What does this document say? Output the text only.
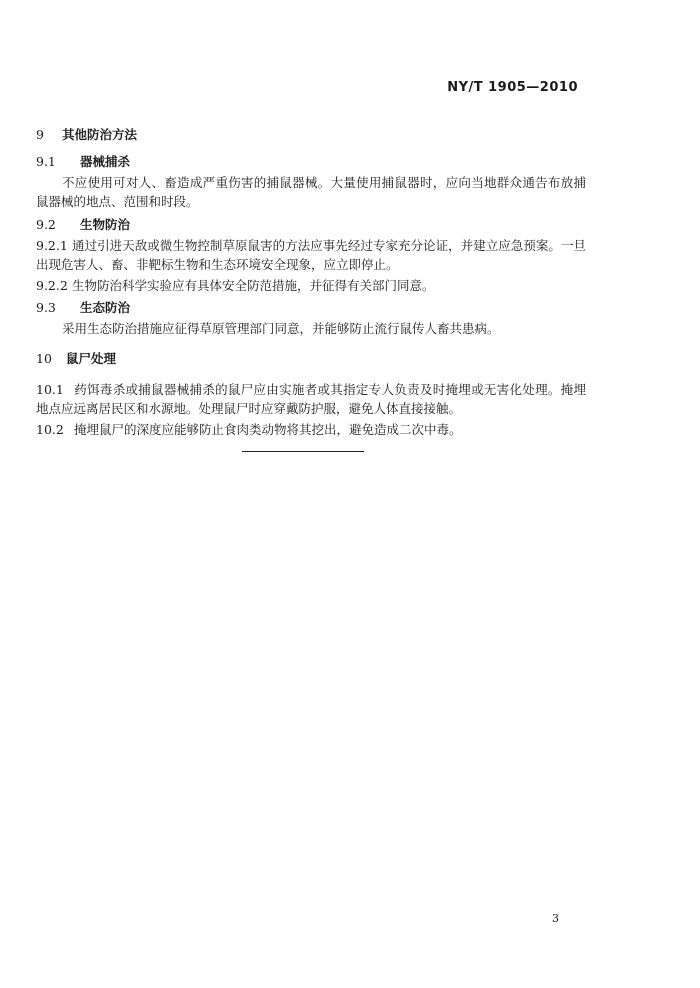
NY/T 1905—2010
9 其他防治方法
9.1 器械捕杀
不应使用可对人、畜造成严重伤害的捕鼠器械。大量使用捕鼠器时，应向当地群众通告布放捕鼠器械的地点、范围和时段。
9.2 生物防治
9.2.1 通过引进天敌或微生物控制草原鼠害的方法应事先经过专家充分论证，并建立应急预案。一旦出现危害人、畜、非靶标生物和生态环境安全现象，应立即停止。
9.2.2 生物防治科学实验应有具体安全防范措施，并征得有关部门同意。
9.3 生态防治
采用生态防治措施应征得草原管理部门同意，并能够防止流行鼠传人畜共患病。
10 鼠尸处理
10.1 药饵毒杀或捕鼠器械捕杀的鼠尸应由实施者或其指定专人负责及时掩埋或无害化处理。掩埋地点应远离居民区和水源地。处理鼠尸时应穿戴防护服，避免人体直接接触。
10.2 掩埋鼠尸的深度应能够防止食肉类动物将其挖出，避免造成二次中毒。
3
